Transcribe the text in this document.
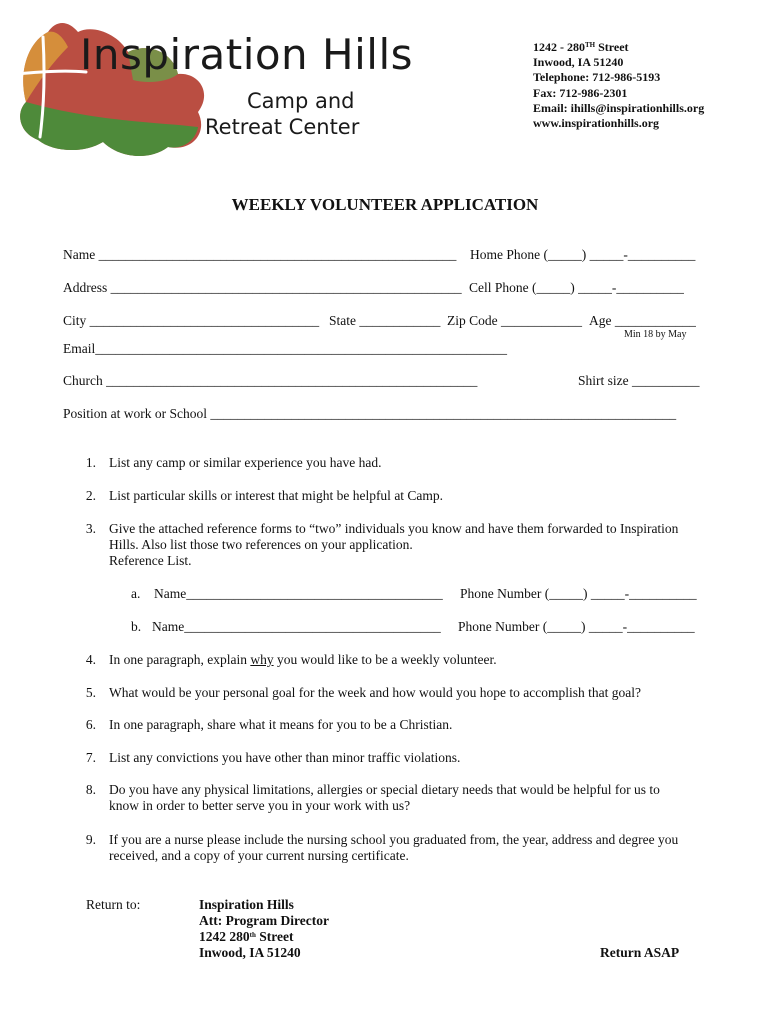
Inspiration Hills
Camp and
Retreat Center
1242 - 280TH Street
Inwood, IA 51240
Telephone: 712-986-5193
Fax: 712-986-2301
Email: ihills@inspirationhills.org
www.inspirationhills.org
WEEKLY VOLUNTEER APPLICATION
Name _____________________________________________________ Home Phone (_____) _____-__________
Address ____________________________________________________ Cell Phone (_____) _____-__________
City __________________________________ State ____________ Zip Code ____________ Age ____________
Min 18 by May
Email_____________________________________________________________
Church _______________________________________________________	Shirt size __________
Position at work or School _____________________________________________________________________
1. List any camp or similar experience you have had.
2. List particular skills or interest that might be helpful at Camp.
3. Give the attached reference forms to “two” individuals you know and have them forwarded to Inspiration
Hills. Also list those two references on your application.
Reference List.
a. Name______________________________________ Phone Number (_____) _____-__________
b. Name______________________________________ Phone Number (_____) _____-__________
4. In one paragraph, explain why you would like to be a weekly volunteer.
5. What would be your personal goal for the week and how would you hope to accomplish that goal?
6. In one paragraph, share what it means for you to be a Christian.
7. List any convictions you have other than minor traffic violations.
8. Do you have any physical limitations, allergies or special dietary needs that would be helpful for us to
know in order to better serve you in your work with us?
9. If you are a nurse please include the nursing school you graduated from, the year, address and degree you
received, and a copy of your current nursing certificate.
Return to:	Inspiration Hills
Att: Program Director
1242 280th Street
Inwood, IA 51240	Return ASAP
